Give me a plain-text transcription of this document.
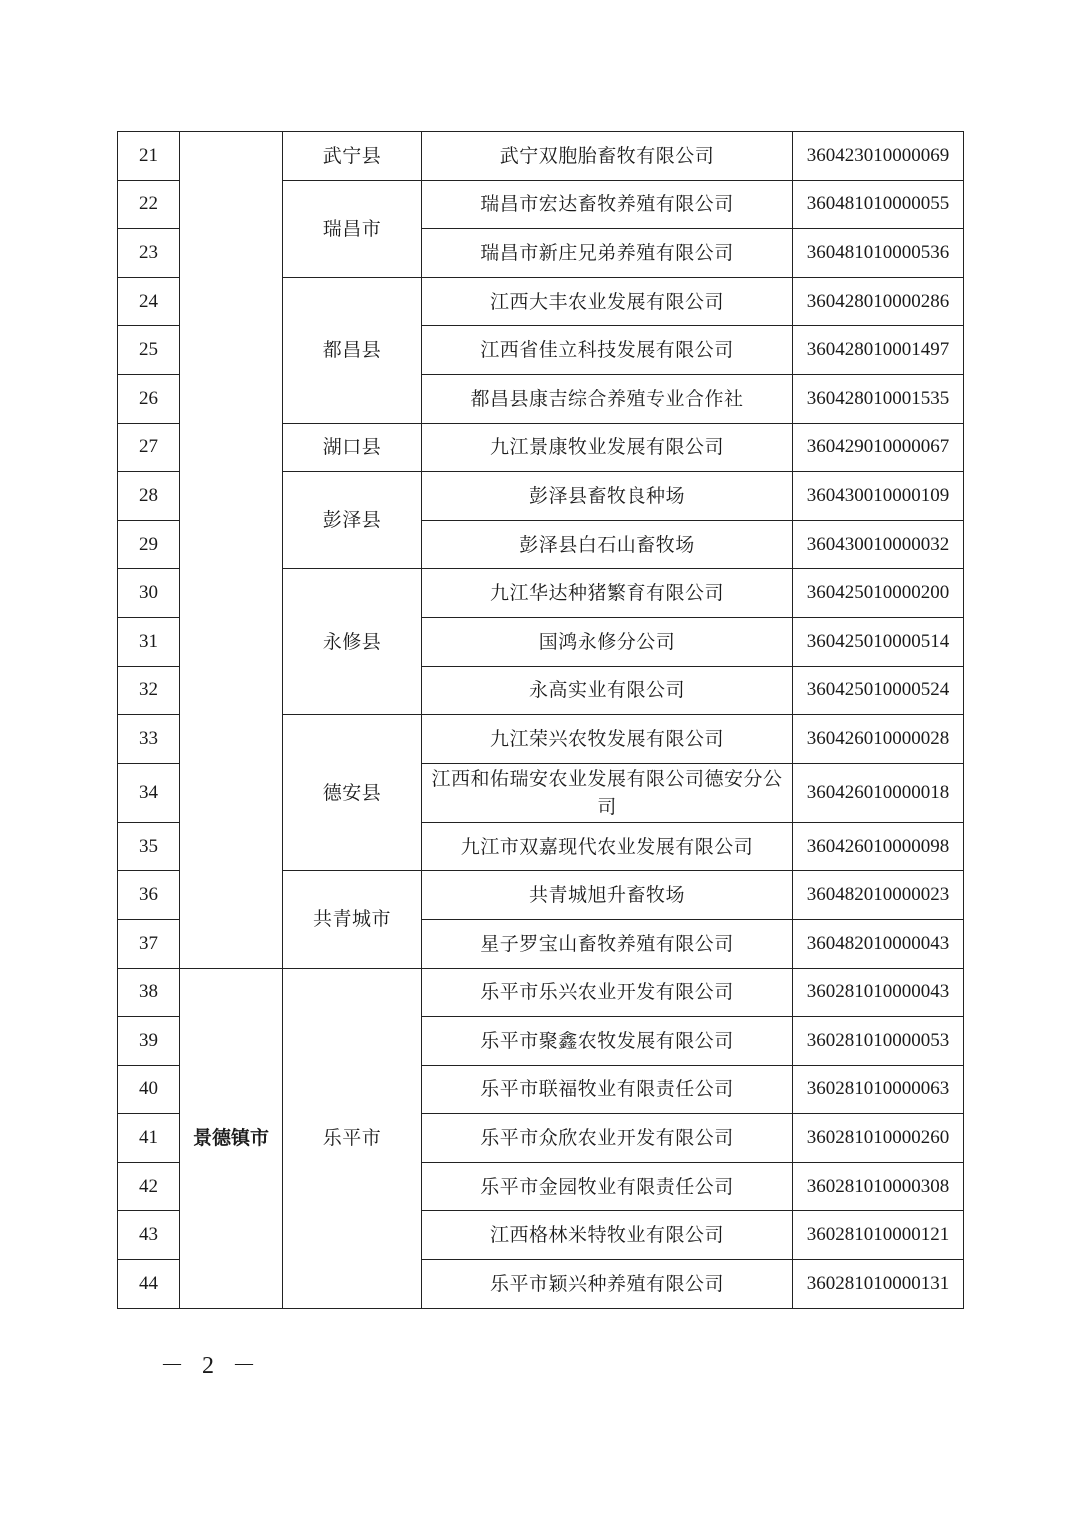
21		武宁县	武宁双胞胎畜牧有限公司	360423010000069
22		瑞昌市	瑞昌市宏达畜牧养殖有限公司	360481010000055
23			瑞昌市新庄兄弟养殖有限公司	360481010000536
24		都昌县	江西大丰农业发展有限公司	360428010000286
25			江西省佳立科技发展有限公司	360428010001497
26			都昌县康吉综合养殖专业合作社	360428010001535
27		湖口县	九江景康牧业发展有限公司	360429010000067
28		彭泽县	彭泽县畜牧良种场	360430010000109
29			彭泽县白石山畜牧场	360430010000032
30		永修县	九江华达种猪繁育有限公司	360425010000200
31			国鸿永修分公司	360425010000514
32			永高实业有限公司	360425010000524
33		德安县	九江荣兴农牧发展有限公司	360426010000028
34			江西和佑瑞安农业发展有限公司德安分公司	360426010000018
35			九江市双嘉现代农业发展有限公司	360426010000098
36		共青城市	共青城旭升畜牧场	360482010000023
37			星子罗宝山畜牧养殖有限公司	360482010000043
38	景德镇市	乐平市	乐平市乐兴农业开发有限公司	360281010000043
39			乐平市聚鑫农牧发展有限公司	360281010000053
40			乐平市联福牧业有限责任公司	360281010000063
41			乐平市众欣农业开发有限公司	360281010000260
42			乐平市金园牧业有限责任公司	360281010000308
43			江西格林米特牧业有限公司	360281010000121
44			乐平市颖兴种养殖有限公司	360281010000131
－ 2 －
